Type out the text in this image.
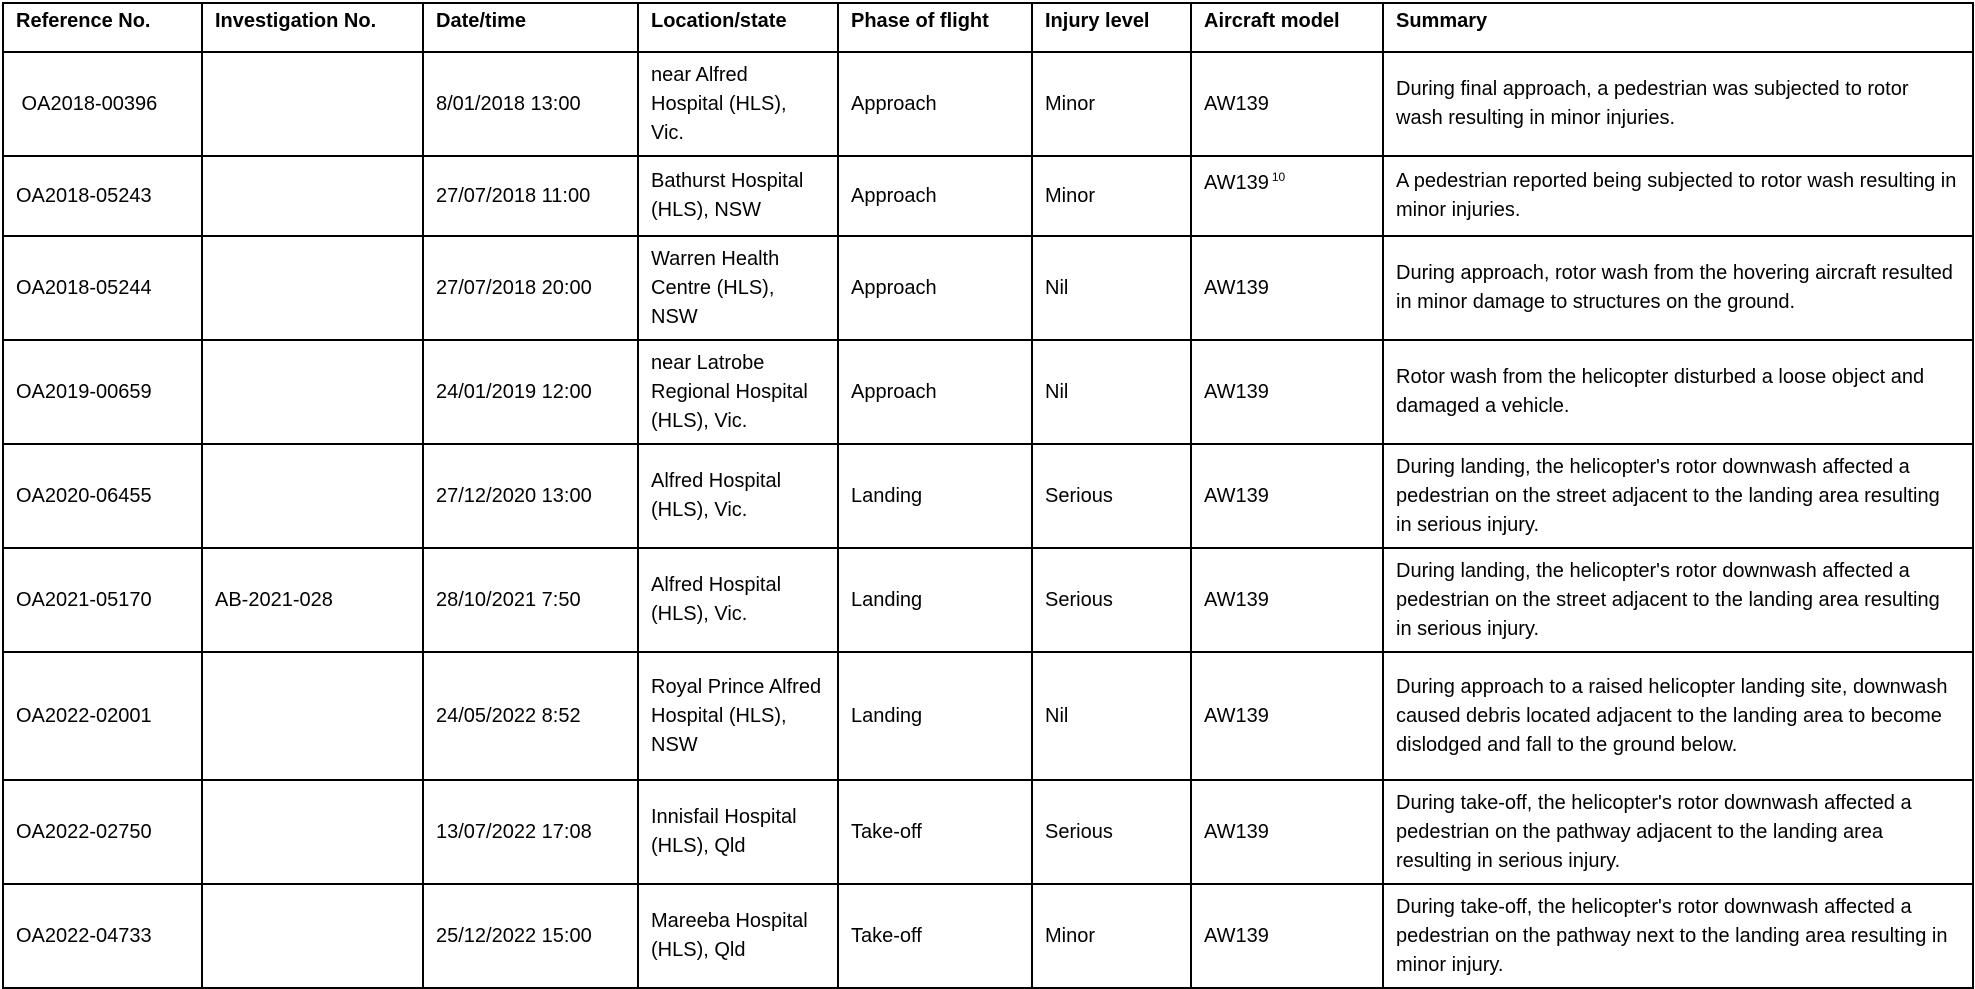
Reference No.	Investigation No.	Date/time	Location/state	Phase of flight	Injury level	Aircraft model	Summary
OA2018-00396		8/01/2018 13:00	near Alfred Hospital (HLS), Vic.	Approach	Minor	AW139	During final approach, a pedestrian was subjected to rotor wash resulting in minor injuries.
OA2018-05243		27/07/2018 11:00	Bathurst Hospital (HLS), NSW	Approach	Minor	AW139 $^{10}$	A pedestrian reported being subjected to rotor wash resulting in minor injuries.
OA2018-05244		27/07/2018 20:00	Warren Health Centre (HLS), NSW	Approach	Nil	AW139	During approach, rotor wash from the hovering aircraft resulted in minor damage to structures on the ground.
OA2019-00659		24/01/2019 12:00	near Latrobe Regional Hospital (HLS), Vic.	Approach	Nil	AW139	Rotor wash from the helicopter disturbed a loose object and damaged a vehicle.
OA2020-06455		27/12/2020 13:00	Alfred Hospital (HLS), Vic.	Landing	Serious	AW139	During landing, the helicopter's rotor downwash affected a pedestrian on the street adjacent to the landing area resulting in serious injury.
OA2021-05170	AB-2021-028	28/10/2021 7:50	Alfred Hospital (HLS), Vic.	Landing	Serious	AW139	During landing, the helicopter's rotor downwash affected a pedestrian on the street adjacent to the landing area resulting in serious injury.
OA2022-02001		24/05/2022 8:52	Royal Prince Alfred Hospital (HLS), NSW	Landing	Nil	AW139	During approach to a raised helicopter landing site, downwash caused debris located adjacent to the landing area to become dislodged and fall to the ground below.
OA2022-02750		13/07/2022 17:08	Innisfail Hospital (HLS), Qld	Take-off	Serious	AW139	During take-off, the helicopter's rotor downwash affected a pedestrian on the pathway adjacent to the landing area resulting in serious injury.
OA2022-04733		25/12/2022 15:00	Mareeba Hospital (HLS), Qld	Take-off	Minor	AW139	During take-off, the helicopter's rotor downwash affected a pedestrian on the pathway next to the landing area resulting in minor injury.
